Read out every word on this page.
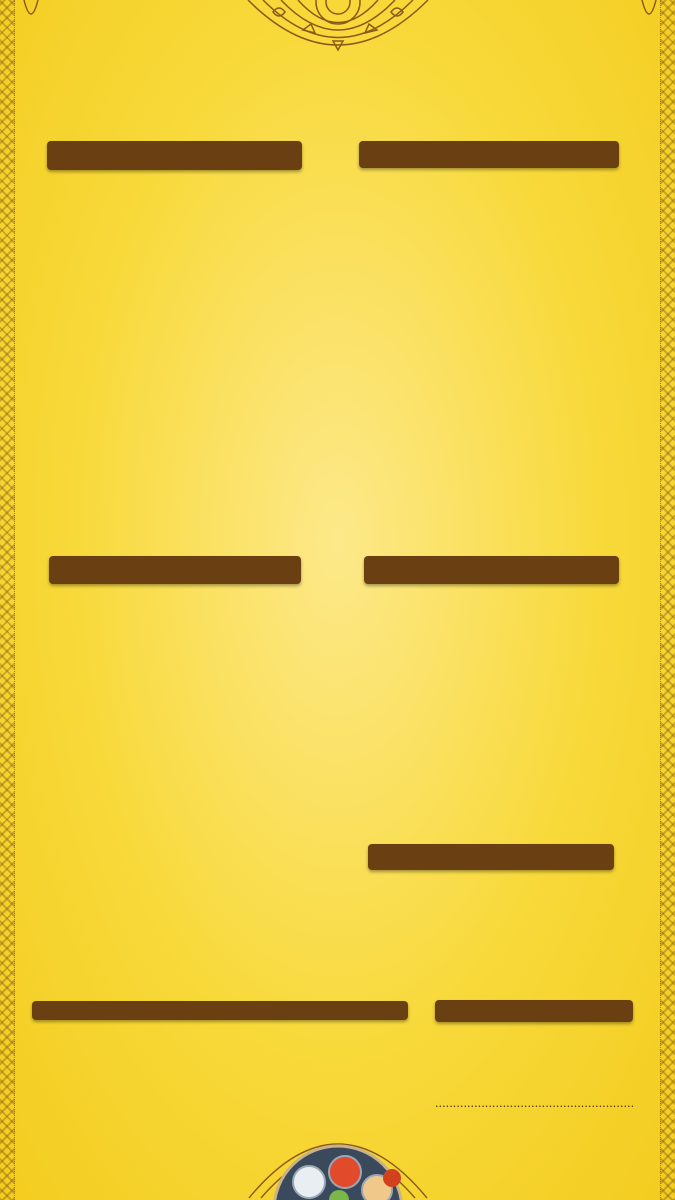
.....
